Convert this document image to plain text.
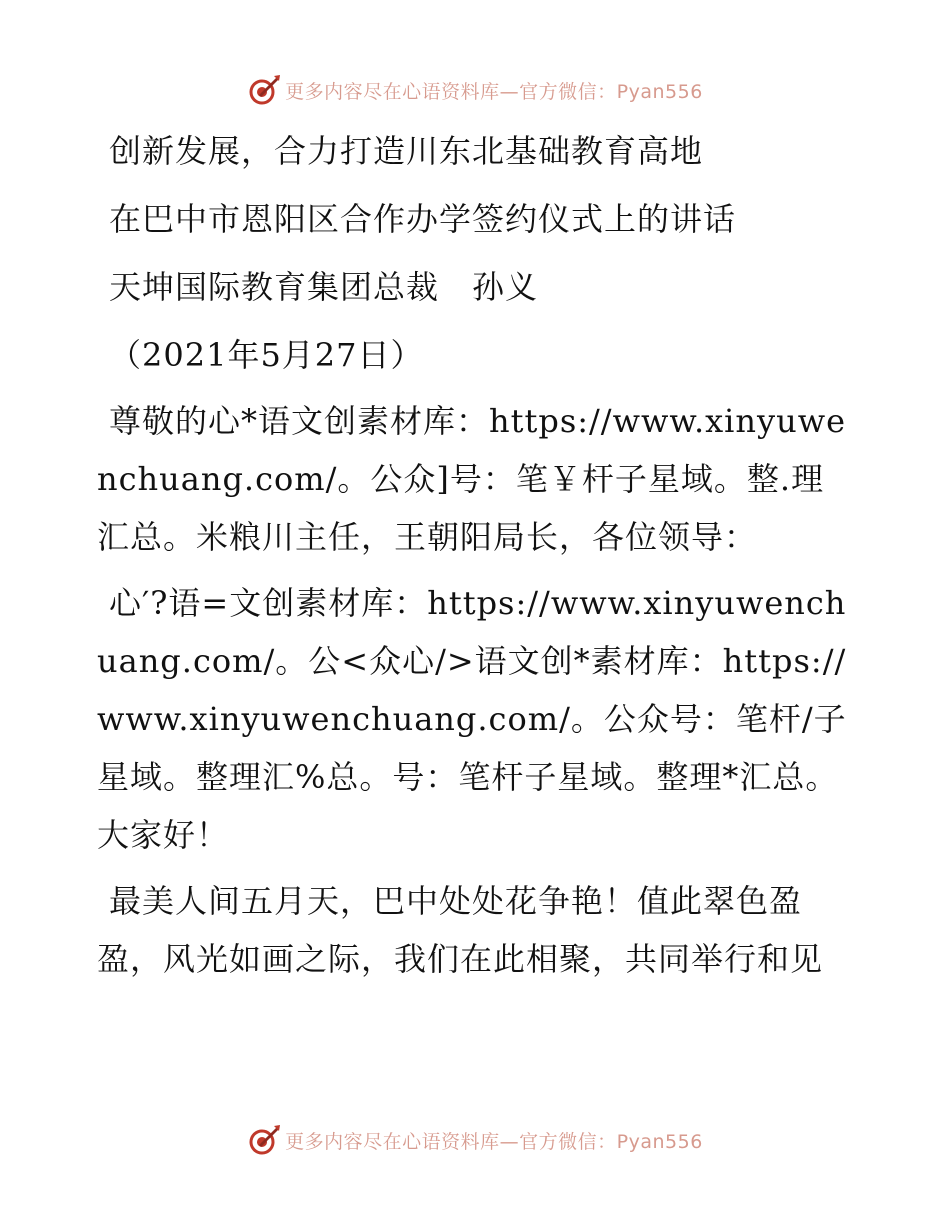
更多内容尽在心语资料库—官方微信：Pyan556

创新发展，合力打造川东北基础教育高地

在巴中市恩阳区合作办学签约仪式上的讲话

天坤国际教育集团总裁　孙义

（2021年5月27日）

尊敬的心*语文创素材库：https://www.xinyuwenchuang.com/。公众]号：笔￥杆子星域。整.理汇总。米粮川主任，王朝阳局长，各位领导：

心′?语=文创素材库：https://www.xinyuwenchuang.com/。公<众心/>语文创*素材库：https://www.xinyuwenchuang.com/。公众号：笔杆/子星域。整理汇%总。号：笔杆子星域。整理*汇总。大家好！

最美人间五月天，巴中处处花争艳！值此翠色盈盈，风光如画之际，我们在此相聚，共同举行和见

更多内容尽在心语资料库—官方微信：Pyan556
